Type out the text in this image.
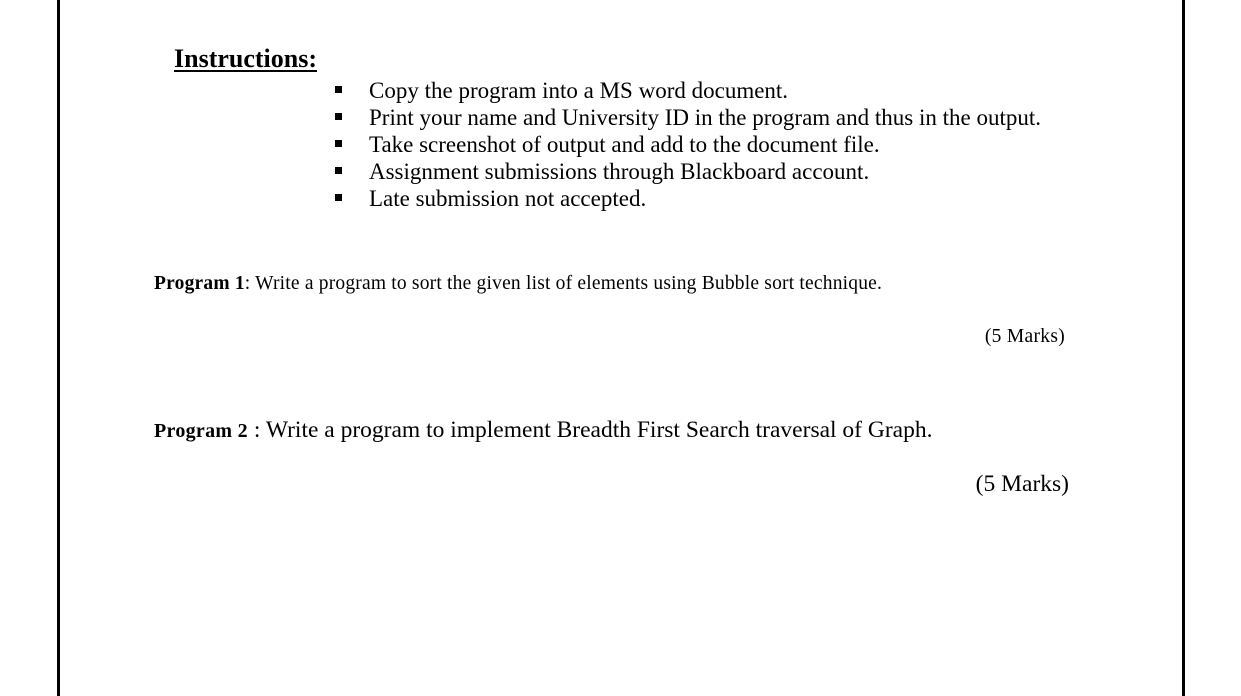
Instructions:
Copy the program into a MS word document.
Print your name and University ID in the program and thus in the output.
Take screenshot of output and add to the document file.
Assignment submissions through Blackboard account.
Late submission not accepted.
Program 1: Write a program to sort the given list of elements using Bubble sort technique.
(5 Marks)
Program 2 : Write a program to implement Breadth First Search traversal of Graph.
(5 Marks)
